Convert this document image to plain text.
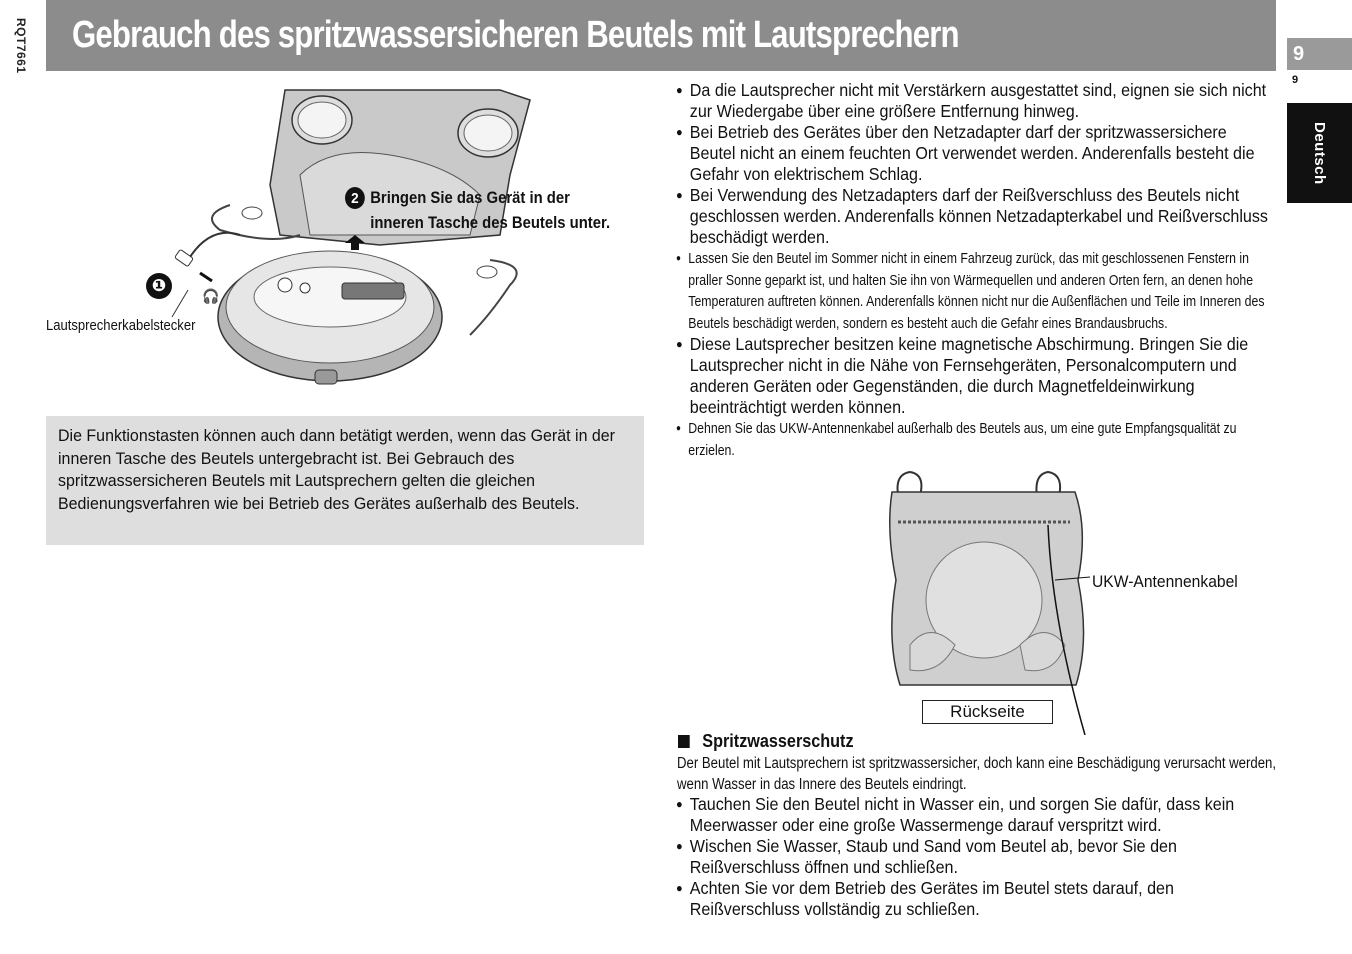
RQT7661 Gebrauch des spritzwassersicheren Beutels mit Lautsprechern	9
9
Deutsch
🎧
❶
2 Bringen Sie das Gerät in der inneren Tasche des Beutels unter.
Lautsprecherkabelstecker

Die Funktionstasten können auch dann betätigt werden, wenn das Gerät in der inneren Tasche des Beutels untergebracht ist. Bei Gebrauch des spritzwassersicheren Beutels mit Lautsprechern gelten die gleichen Bedienungsverfahren wie bei Betrieb des Gerätes außerhalb des Beutels.

● Da die Lautsprecher nicht mit Verstärkern ausgestattet sind, eignen sie sich nicht zur Wiedergabe über eine größere Entfernung hinweg.
● Bei Betrieb des Gerätes über den Netzadapter darf der spritzwassersichere Beutel nicht an einem feuchten Ort verwendet werden. Anderenfalls besteht die Gefahr von elektrischem Schlag.
● Bei Verwendung des Netzadapters darf der Reißverschluss des Beutels nicht geschlossen werden. Anderenfalls können Netzadapterkabel und Reißverschluss beschädigt werden.
● Lassen Sie den Beutel im Sommer nicht in einem Fahrzeug zurück, das mit geschlossenen Fenstern in praller Sonne geparkt ist, und halten Sie ihn von Wärmequellen und anderen Orten fern, an denen hohe Temperaturen auftreten können. Anderenfalls können nicht nur die Außenflächen und Teile im Inneren des Beutels beschädigt werden, sondern es besteht auch die Gefahr eines Brandausbruchs.
● Diese Lautsprecher besitzen keine magnetische Abschirmung. Bringen Sie die Lautsprecher nicht in die Nähe von Fernsehgeräten, Personalcomputern und anderen Geräten oder Gegenständen, die durch Magnetfeldeinwirkung beeinträchtigt werden können.
● Dehnen Sie das UKW-Antennenkabel außerhalb des Beutels aus, um eine gute Empfangsqualität zu erzielen.
UKW-Antennenkabel
Rückseite
Spritzwasserschutz
Der Beutel mit Lautsprechern ist spritzwassersicher, doch kann eine Beschädigung verursacht werden, wenn Wasser in das Innere des Beutels eindringt.
● Tauchen Sie den Beutel nicht in Wasser ein, und sorgen Sie dafür, dass kein Meerwasser oder eine große Wassermenge darauf verspritzt wird.
● Wischen Sie Wasser, Staub und Sand vom Beutel ab, bevor Sie den Reißverschluss öffnen und schließen.
● Achten Sie vor dem Betrieb des Gerätes im Beutel stets darauf, den Reißverschluss vollständig zu schließen.
